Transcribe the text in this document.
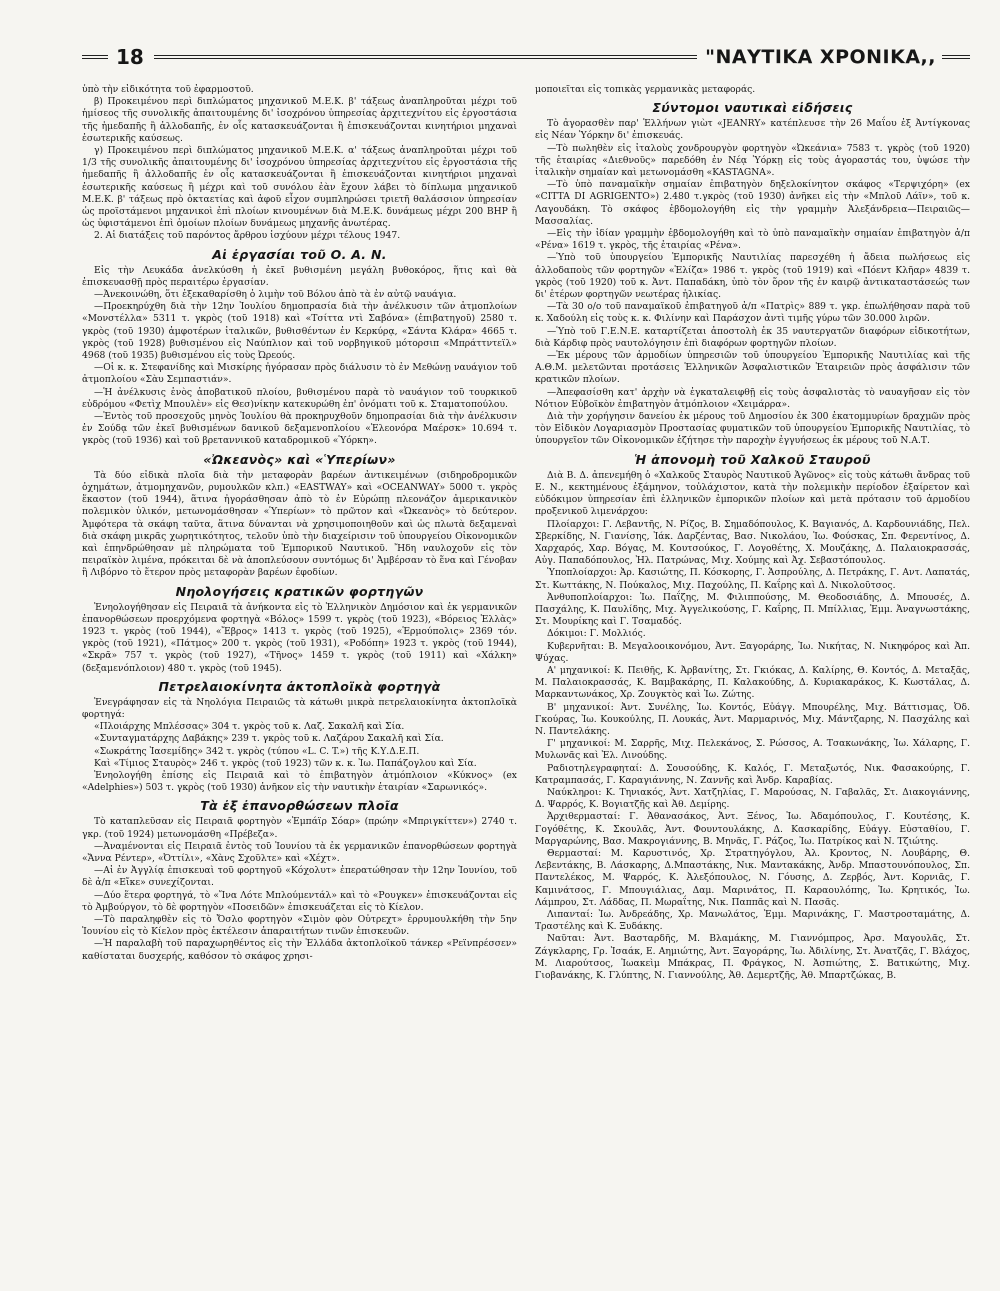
18	"ΝΑΥΤΙΚΑ ΧΡΟΝΙΚΑ,,

ὑπὸ τὴν εἰδικότητα τοῦ ἐφαρμοστοῦ.

β) Προκειμένου περὶ διπλώματος μηχανικοῦ Μ.Ε.Κ. β' τάξεως ἀναπληροῦται μέχρι τοῦ ἡμίσεος τῆς συνολικῆς ἀπαιτουμένης δι' ἰσοχρόνου ὑπηρεσίας ἀρχιτεχνίτου εἰς ἐργοστάσια τῆς ἡμεδαπῆς ἢ ἀλλοδαπῆς, ἐν οἷς κατασκευάζονται ἢ ἐπισκευάζονται κινητήριοι μηχαναὶ ἐσωτερικῆς καύσεως.

γ) Προκειμένου περὶ διπλώματος μηχανικοῦ Μ.Ε.Κ. α' τάξεως ἀναπληροῦται μέχρι τοῦ 1/3 τῆς συνολικῆς ἀπαιτουμένης δι' ἰσοχρόνου ὑπηρεσίας ἀρχιτεχνίτου εἰς ἐργοστάσια τῆς ἡμεδαπῆς ἢ ἀλλοδαπῆς ἐν οἷς κατασκευάζονται ἢ ἐπισκευάζονται κινητήριοι μηχαναὶ ἐσωτερικῆς καύσεως ἢ μέχρι καὶ τοῦ συνόλου ἐὰν ἔχουν λάβει τὸ δίπλωμα μηχανικοῦ Μ.Ε.Κ. β' τάξεως πρὸ ὀκταετίας καὶ ἀφοῦ εἶχον συμπληρώσει τριετῆ θαλάσσιον ὑπηρεσίαν ὡς προϊστάμενοι μηχανικοὶ ἐπὶ πλοίων κινουμένων διὰ Μ.Ε.Κ. δυνάμεως μέχρι 200 BHP ἢ ὡς ὑφιστάμενοι ἐπὶ ὁμοίων πλοίων δυνάμεως μηχανῆς ἀνωτέρας.

2. Αἱ διατάξεις τοῦ παρόντος ἄρθρου ἰσχύουν μέχρι τέλους 1947.

Αἱ ἐργασίαι τοῦ Ο. Α. Ν.

Εἰς τὴν Λευκάδα ἀνελκύσθη ἡ ἐκεῖ βυθισμένη μεγάλη βυθοκόρος, ἥτις καὶ θὰ ἐπισκευασθῇ πρὸς περαιτέρω ἐργασίαν.

—Ἀνεκοινώθη, ὅτι ἐξεκαθαρίσθη ὁ λιμὴν τοῦ Βόλου ἀπὸ τὰ ἐν αὐτῷ ναυάγια.

—Προεκηρύχθη διὰ τὴν 12ην Ἰουλίου δημοπρασία διὰ τὴν ἀνέλκυσιν τῶν ἀτμοπλοίων «Μονστέλλα» 5311 τ. γκρὸς (τοῦ 1918) καὶ «Τσίττα ντὶ Σαβόνα» (ἐπιβατηγοῦ) 2580 τ. γκρὸς (τοῦ 1930) ἀμφοτέρων ἰταλικῶν, βυθισθέντων ἐν Κερκύρᾳ, «Σάντα Κλάρα» 4665 τ. γκρὸς (τοῦ 1928) βυθισμένου εἰς Ναύπλιον καὶ τοῦ νορβηγικοῦ μότορσιπ «Μπράττντεϊλ» 4968 (τοῦ 1935) βυθισμένου εἰς τοὺς Ὠρεούς.

—Οἱ κ. κ. Στεφανίδης καὶ Μισκίρης ἠγόρασαν πρὸς διάλυσιν τὸ ἐν Μεθώνῃ ναυάγιον τοῦ ἀτμοπλοίου «Σὰυ Σεμπαστιάν».

—Ἡ ἀνέλκυσις ἑνὸς ἀποβατικοῦ πλοίου, βυθισμένου παρὰ τὸ ναυάγιον τοῦ τουρκικοῦ εὐδρόμου «Φετὶχ Μπουλὲν» εἰς Θεσ)νίκην κατεκυρώθη ἐπ' ὀνόματι τοῦ κ. Σταματοπούλου.

—Ἐντὸς τοῦ προσεχοῦς μηνὸς Ἰουλίου θὰ προκηρυχθοῦν δημοπρασίαι διὰ τὴν ἀνέλκυσιν ἐν Σούδᾳ τῶν ἐκεῖ βυθισμένων δανικοῦ δεξαμενοπλοίου «Ἐλεονόρα Μαέρσκ» 10.694 τ. γκρὸς (τοῦ 1936) καὶ τοῦ βρεταννικοῦ καταδρομικοῦ «Ὑόρκη».

«Ὠκεανὸς» καὶ «Ὑπερίων»

Τὰ δύο εἰδικὰ πλοῖα διὰ τὴν μεταφορὰν βαρέων ἀντικειμένων (σιδηροδρομικῶν ὀχημάτων, ἀτμομηχανῶν, ρυμουλκῶν κλπ.) «EASTWAY» καὶ «OCEANWAY» 5000 τ. γκρὸς ἕκαστον (τοῦ 1944), ἅτινα ἠγοράσθησαν ἀπὸ τὸ ἐν Εὐρώπῃ πλεονάζον ἀμερικανικὸν πολεμικὸν ὑλικόν, μετωνομάσθησαν «Ὑπερίων» τὸ πρῶτον καὶ «Ὠκεανὸς» τὸ δεύτερον. Ἀμφότερα τὰ σκάφη ταῦτα, ἅτινα δύνανται νὰ χρησιμοποιηθοῦν καὶ ὡς πλωτὰ δεξαμεναὶ διὰ σκάφη μικρᾶς χωρητικότητος, τελοῦν ὑπὸ τὴν διαχείρισιν τοῦ ὑπουργείου Οἰκονομικῶν καὶ ἐπηνδρώθησαν μὲ πληρώματα τοῦ Ἐμπορικοῦ Ναυτικοῦ. Ἤδη ναυλοχοῦν εἰς τὸν πειραϊκὸν λιμένα, πρόκειται δὲ νὰ ἀποπλεύσουν συντόμως δι' Ἀμβέρσαν τὸ ἕνα καὶ Γένοβαν ἢ Λιβόρνο τὸ ἕτερον πρὸς μεταφορὰν βαρέων ἐφοδίων.

Νηολογήσεις κρατικῶν φορτηγῶν

Ἐνηολογήθησαν εἰς Πειραιᾶ τὰ ἀνήκοντα εἰς τὸ Ἑλληνικὸν Δημόσιον καὶ ἐκ γερμανικῶν ἐπανορθώσεων προερχόμενα φορτηγὰ «Βόλος» 1599 τ. γκρὸς (τοῦ 1923), «Βόρειος Ἑλλὰς» 1923 τ. γκρὸς (τοῦ 1944), «Ἔβρος» 1413 τ. γκρὸς (τοῦ 1925), «Ἑρμούπολις» 2369 τόν. γκρὸς (τοῦ 1921), «Πάτμος» 200 τ. γκρὸς (τοῦ 1931), «Ροδόπη» 1923 τ. γκρὸς (τοῦ 1944), «Σκρᾶ» 757 τ. γκρὸς (τοῦ 1927), «Τῆνος» 1459 τ. γκρὸς (τοῦ 1911) καὶ «Χάλκη» (δεξαμενόπλοιον) 480 τ. γκρὸς (τοῦ 1945).

Πετρελαιοκίνητα ἀκτοπλοϊκὰ φορτηγὰ

Ἐνεγράφησαν εἰς τὰ Νηολόγια Πειραιῶς τὰ κάτωθι μικρὰ πετρελαιοκίνητα ἀκτοπλοϊκὰ φορτηγά:

«Πλοιάρχης Μπλέσσας» 304 τ. γκρὸς τοῦ κ. Λαζ. Σακαλῆ καὶ Σία.

«Συνταγματάρχης Δαβάκης» 239 τ. γκρὸς τοῦ κ. Λαζάρου Σακαλῆ καὶ Σία.

«Σωκράτης Ἰασεμίδης» 342 τ. γκρὸς (τύπου «L. C. T.») τῆς Κ.Υ.Δ.Ε.Π.

Καὶ «Τίμιος Σταυρὸς» 246 τ. γκρὸς (τοῦ 1923) τῶν κ. κ. Ἰω. Παπάζογλου καὶ Σία.

Ἐνηολογήθη ἐπίσης εἰς Πειραιᾶ καὶ τὸ ἐπιβατηγὸν ἀτμόπλοιον «Κύκνος» (ex «Adelphies») 503 τ. γκρὸς (τοῦ 1930) ἀνῆκον εἰς τὴν ναυτικὴν ἑταιρίαν «Σαρωνικός».

Τὰ ἐξ ἐπανορθώσεων πλοῖα

Τὸ καταπλεῦσαν εἰς Πειραιᾶ φορτηγὸν «Ἐμπάϊρ Σόαρ» (πρώην «Μπριγκίττεν») 2740 τ. γκρ. (τοῦ 1924) μετωνομάσθη «Πρέβεζα».

—Ἀναμένονται εἰς Πειραιᾶ ἐντὸς τοῦ Ἰουνίου τὰ ἐκ γερμανικῶν ἐπανορθώσεων φορτηγὰ «Ἄννα Ρέντερ», «Ὀττίλι», «Χὰνς Σχοῦλτε» καὶ «Χέχτ».

—Αἱ ἐν Ἀγγλίᾳ ἐπισκευαὶ τοῦ φορτηγοῦ «Κόχολυτ» ἐπερατώθησαν τὴν 12ην Ἰουνίου, τοῦ δὲ ἀ/π «Εἴκε» συνεχίζονται.

—Δύο ἕτερα φορτηγά, τὸ «Ἴνα Λότε Μπλούμεντάλ» καὶ τὸ «Ρουγκεν» ἐπισκευάζονται εἰς τὸ Ἀμβούργον, τὸ δὲ φορτηγὸν «Ποσειδῶν» ἐπισκευάζεται εἰς τὸ Κίελον.

—Τὸ παραληφθὲν εἰς τὸ Ὄσλο φορτηγὸν «Σιμὸν φὸν Οὐτρεχτ» ἐρρυμουλκήθη τὴν 5ην Ἰουνίου εἰς τὸ Κίελον πρὸς ἐκτέλεσιν ἀπαραιτήτων τινῶν ἐπισκευῶν.

—Ἡ παραλαβὴ τοῦ παραχωρηθέντος εἰς τὴν Ἑλλάδα ἀκτοπλοϊκοῦ τάνκερ «Ρεϊνπρέσσεν» καθίσταται δυσχερής, καθόσον τὸ σκάφος χρησι-

μοποιεῖται εἰς τοπικὰς γερμανικὰς μεταφοράς.

Σύντομοι ναυτικαὶ εἰδήσεις

Τὸ ἀγορασθὲν παρ' Ἑλλήνων γιὼτ «JEANRY» κατέπλευσε τὴν 26 Μαΐου ἐξ Ἀντίγκονας εἰς Νέαν Ὑόρκην δι' ἐπισκευάς.

—Τὸ πωληθὲν εἰς ἰταλοὺς χονδρουργὸν φορτηγὸν «Ὠκεάνια» 7583 τ. γκρὸς (τοῦ 1920) τῆς ἑταιρίας «Διεθνοῦς» παρεδόθη ἐν Νέᾳ Ὑόρκῃ εἰς τοὺς ἀγοραστάς του, ὑψώσε τὴν ἰταλικὴν σημαίαν καὶ μετωνομάσθη «KASTAGNA».

—Τὸ ὑπὸ παναμαϊκὴν σημαίαν ἐπιβατηγὸν δηξελοκίνητον σκάφος «Τερψιχόρη» (ex «CITTA DI AGRIGENTO») 2.480 τ.γκρὸς (τοῦ 1930) ἀνῆκει εἰς τὴν «Μπλοῦ Λάϊν», τοῦ κ. Λαγουδάκη. Τὸ σκάφος ἐβδομολογήθη εἰς τὴν γραμμὴν Ἀλεξάνδρεια—Πειραιῶς—Μασσαλίας.

—Εἰς τὴν ἰδίαν γραμμὴν ἐβδομολογήθη καὶ τὸ ὑπὸ παναμαϊκὴν σημαίαν ἐπιβατηγὸν ἀ/π «Ρένα» 1619 τ. γκρὸς, τῆς ἑταιρίας «Ρένα».

—Ὑπὸ τοῦ ὑπουργείου Ἐμπορικῆς Ναυτιλίας παρεσχέθη ἡ ἄδεια πωλήσεως εἰς ἀλλοδαποὺς τῶν φορτηγῶν «Ἑλίζα» 1986 τ. γκρὸς (τοῦ 1919) καὶ «Πόεντ Κλῆαρ» 4839 τ. γκρὸς (τοῦ 1920) τοῦ κ. Ἀντ. Παπαδάκη, ὑπὸ τὸν ὅρον τῆς ἐν καιρῷ ἀντικαταστάσεώς των δι' ἑτέρων φορτηγῶν νεωτέρας ἡλικίας.

—Τὰ 30 ο/ο τοῦ παναμαϊκοῦ ἐπιβατηγοῦ ἀ/π «Πατρὶς» 889 τ. γκρ. ἐπωλήθησαν παρὰ τοῦ κ. Χαδούλη εἰς τοὺς κ. κ. Φιλίνην καὶ Παράσχον ἀντὶ τιμῆς γύρω τῶν 30.000 λιρῶν.

—Ὑπὸ τοῦ Γ.Ε.Ν.Ε. καταρτίζεται ἀποστολὴ ἐκ 35 ναυτεργατῶν διαφόρων εἰδικοτήτων, διὰ Κάρδιφ πρὸς ναυτολόγησιν ἐπὶ διαφόρων φορτηγῶν πλοίων.

—Ἐκ μέρους τῶν ἁρμοδίων ὑπηρεσιῶν τοῦ ὑπουργείου Ἐμπορικῆς Ναυτιλίας καὶ τῆς Α.Θ.Μ. μελετῶνται προτάσεις Ἑλληνικῶν Ἀσφαλιστικῶν Ἑταιρειῶν πρὸς ἀσφάλισιν τῶν κρατικῶν πλοίων.

—Ἀπεφασίσθη κατ' ἀρχὴν νὰ ἐγκαταλειφθῇ εἰς τοὺς ἀσφαλιστὰς τὸ ναυαγῆσαν εἰς τὸν Νότιον Εὐβοϊκὸν ἐπιβατηγὸν ἀτμόπλοιον «Χειμάρρα».

Διὰ τὴν χορήγησιν δανείου ἐκ μέρους τοῦ Δημοσίου ἐκ 300 ἑκατομμυρίων δραχμῶν πρὸς τὸν Εἰδικὸν Λογαριασμὸν Προστασίας φυματικῶν τοῦ ὑπουργείου Ἐμπορικῆς Ναυτιλίας, τὸ ὑπουργεῖον τῶν Οἰκονομικῶν ἐζήτησε τὴν παροχὴν ἐγγυήσεως ἐκ μέρους τοῦ Ν.Α.Τ.

Ἡ ἀπονομὴ τοῦ Χαλκοῦ Σταυροῦ

Διὰ Β. Δ. ἀπενεμήθη ὁ «Χαλκοῦς Σταυρὸς Ναυτικοῦ Ἀγῶνος» εἰς τοὺς κάτωθι ἄνδρας τοῦ Ε. Ν., κεκτημένους ἑξάμηνον, τοὐλάχιστον, κατὰ τὴν πολεμικὴν περίοδον ἐξαίρετον καὶ εὐδόκιμον ὑπηρεσίαν ἐπὶ ἑλληνικῶν ἐμπορικῶν πλοίων καὶ μετὰ πρότασιν τοῦ ἁρμοδίου προξενικοῦ λιμενάρχου:

Πλοίαρχοι: Γ. Λεβαντῆς, Ν. Ρίζος, Β. Σημαδόπουλος, Κ. Βαγιανός, Δ. Καρδουνιάδης, Πελ. Σβερκίδης, Ν. Γιανίσης, Ἰάκ. Δαρζέντας, Βασ. Νικολάου, Ἰω. Φούσκας, Σπ. Φερεντίνος, Δ. Χαρχαρός, Χαρ. Βόγας, Μ. Κουτσούκος, Γ. Λογοθέτης, Χ. Μουζάκης, Δ. Παλαιοκρασσάς, Αὐγ. Παπαδόπουλος, Ἠλ. Πατρώνας, Μιχ. Χούμης καὶ Ἀχ. Σεβαστόπουλος.

Ὑποπλοίαρχοι: Ἀρ. Κασιώτης, Π. Κόσκορης, Γ. Ἀσπρούλης, Δ. Πετράκης, Γ. Αντ. Λαπατάς, Στ. Κωττάκης, Ν. Πούκαλος, Μιχ. Παχούλης, Π. Καΐρης καὶ Δ. Νικολοῦτσος.

Ἀνθυποπλοίαρχοι: Ἰω. Παΐζης, Μ. Φιλιππούσης, Μ. Θεοδοσιάδης, Δ. Μπουσές, Δ. Πασχάλης, Κ. Παυλίδης, Μιχ. Ἀγγελικούσης, Γ. Καΐρης, Π. Μπίλλιας, Ἐμμ. Ἀναγνωστάκης, Στ. Μουρίκης καὶ Γ. Τσαμαδός.

Δόκιμοι: Γ. Μολλιός.

Κυβερνῆται: Β. Μεγαλοοικονόμου, Ἀντ. Ξαγοράρης, Ἰω. Νικήτας, Ν. Νικηφόρος καὶ Ἀπ. Ψύχας.

Α' μηχανικοί: Κ. Πειθῆς, Κ. Ἀρβανίτης, Στ. Γκιόκας, Δ. Καλίρης, Θ. Κοντός, Δ. Μεταξᾶς, Μ. Παλαιοκρασσάς, Κ. Βαμβακάρης, Π. Καλακούδης, Δ. Κυριακαράκος, Κ. Κωστάλας, Δ. Μαρκαντωνάκος, Χρ. Ζουγκτὸς καὶ Ἰω. Ζώτης.

Β' μηχανικοί: Ἀντ. Συνέλης, Ἰω. Κοντός, Εὐάγγ. Μπουρέλης, Μιχ. Βάττισμας, Ὀδ. Γκούρας, Ἰω. Κουκούλης, Π. Λουκάς, Ἀντ. Μαρμαρινός, Μιχ. Μάντζαρης, Ν. Πασχάλης καὶ Ν. Παντελάκης.

Γ' μηχανικοί: Μ. Σαρρῆς, Μιχ. Πελεκάνος, Σ. Ρώσσος, Α. Τσακωνάκης, Ἰω. Χάλαρης, Γ. Μυλωνᾶς καὶ Ἐλ. Λινούδης.

Ραδιοτηλεγραφηταί: Δ. Σουσούδης, Κ. Καλός, Γ. Μεταξωτός, Νικ. Φασακούρης, Γ. Κατραμπασάς, Γ. Καραγιάννης, Ν. Ζαννῆς καὶ Ἀνδρ. Καραβίας.

Ναύκληροι: Κ. Τηνιακός, Ἀντ. Χατζηλίας, Γ. Μαρούσας, Ν. Γαβαλᾶς, Στ. Διακογιάννης, Δ. Ψαρρός, Κ. Βογιατζῆς καὶ Ἀθ. Δεμίρης.

Ἀρχιθερμασταί: Γ. Ἀθανασάκος, Ἀντ. Ξένος, Ἰω. Ἀδαμόπουλος, Γ. Κουτέσης, Κ. Γογόθέτης, Κ. Σκουλᾶς, Ἀντ. Φουντουλάκης, Δ. Κασκαρίδης, Εὐάγγ. Εὐσταθίου, Γ. Μαργαρώνης, Βασ. Μακρογιάννης, Β. Μηνᾶς, Γ. Ράζος, Ἰω. Πατρίκος καὶ Ν. Τζιώτης.

Θερμασταί: Μ. Καρυστινός, Χρ. Στρατηγόγλου, Ἀλ. Κροντος, Ν. Λουβάρης, Θ. Λεβεντάκης, Β. Λάσκαρης, Δ.Μπαστάκης, Νικ. Μαντακάκης, Ἀνδρ. Μπαστουνόπουλος, Σπ. Παντελέκος, Μ. Ψαρρός, Κ. Ἀλεξόπουλος, Ν. Γόυσης, Δ. Ζερβός, Ἀντ. Κορνιᾶς, Γ. Καμινάτσος, Γ. Μπουγιάλιας, Δαμ. Μαρινάτος, Π. Καραουλόπης, Ἰω. Κρητικός, Ἰω. Λάμπρου, Στ. Λάδδας, Π. Μωραΐτης, Νικ. Παππᾶς καὶ Ν. Πασᾶς.

Λιπανταί: Ἰω. Ἀνδρεάδης, Χρ. Μανωλάτος, Ἐμμ. Μαρινάκης, Γ. Μαστροσταμάτης, Δ. Τραστέλης καὶ Κ. Ξυδάκης.

Ναῦται: Ἀντ. Βασταρδῆς, Μ. Βλαμάκης, Μ. Γιαννόμπρος, Ἀρσ. Μαγουλᾶς, Στ. Ζάγκλαρης, Γρ. Ἰσαάκ, Ε. Αημιώτης, Ἀντ. Ξαγοράρης, Ἰω. Ἀδιλίνης, Στ. Ἀνατζᾶς, Γ. Βλάχος, Μ. Λιαρούτσος, Ἰωακεὶμ Μπάκρας, Π. Φράγκος, Ν. Ἀσπιώτης, Σ. Βατικώτης, Μιχ. Γιοβανάκης, Κ. Γλύπτης, Ν. Γιαννούλης, Ἀθ. Δεμερτζῆς, Ἀθ. Μπαρτζώκας, Β.
